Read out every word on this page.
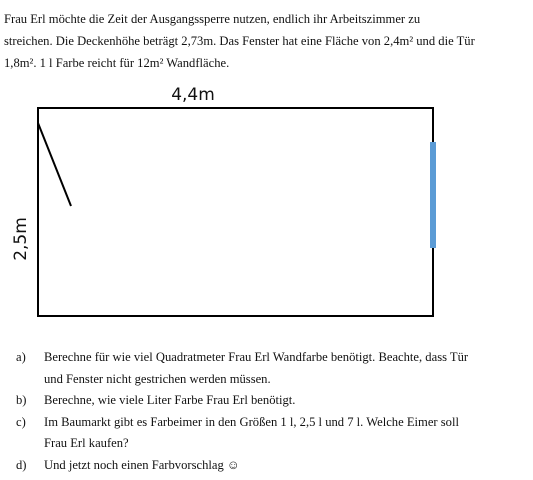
Frau Erl möchte die Zeit der Ausgangssperre nutzen, endlich ihr Arbeitszimmer zu
streichen. Die Deckenhöhe beträgt 2,73m. Das Fenster hat eine Fläche von 2,4m² und die Tür
1,8m². 1 l Farbe reicht für 12m² Wandfläche.
4,4m
2,5m
a) Berechne für wie viel Quadratmeter Frau Erl Wandfarbe benötigt. Beachte, dass Tür
und Fenster nicht gestrichen werden müssen.
b) Berechne, wie viele Liter Farbe Frau Erl benötigt.
c) Im Baumarkt gibt es Farbeimer in den Größen 1 l, 2,5 l und 7 l. Welche Eimer soll
Frau Erl kaufen?
d) Und jetzt noch einen Farbvorschlag ☺
